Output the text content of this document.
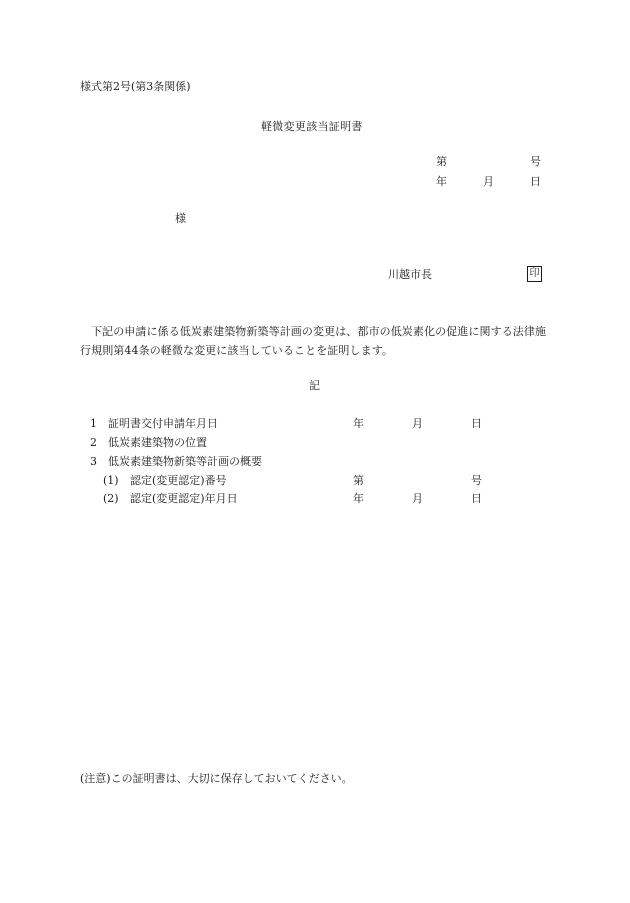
様式第2号(第3条関係)
軽微変更該当証明書
第	号
年	月	日
様
川越市長	印
下記の申請に係る低炭素建築物新築等計画の変更は、都市の低炭素化の促進に関する法律施行規則第44条の軽微な変更に該当していることを証明します。
記
1 証明書交付申請年月日	年	月	日
2 低炭素建築物の位置
3 低炭素建築物新築等計画の概要
(1) 認定(変更認定)番号	第	号
(2) 認定(変更認定)年月日	年	月	日
(注意)この証明書は、大切に保存しておいてください。
